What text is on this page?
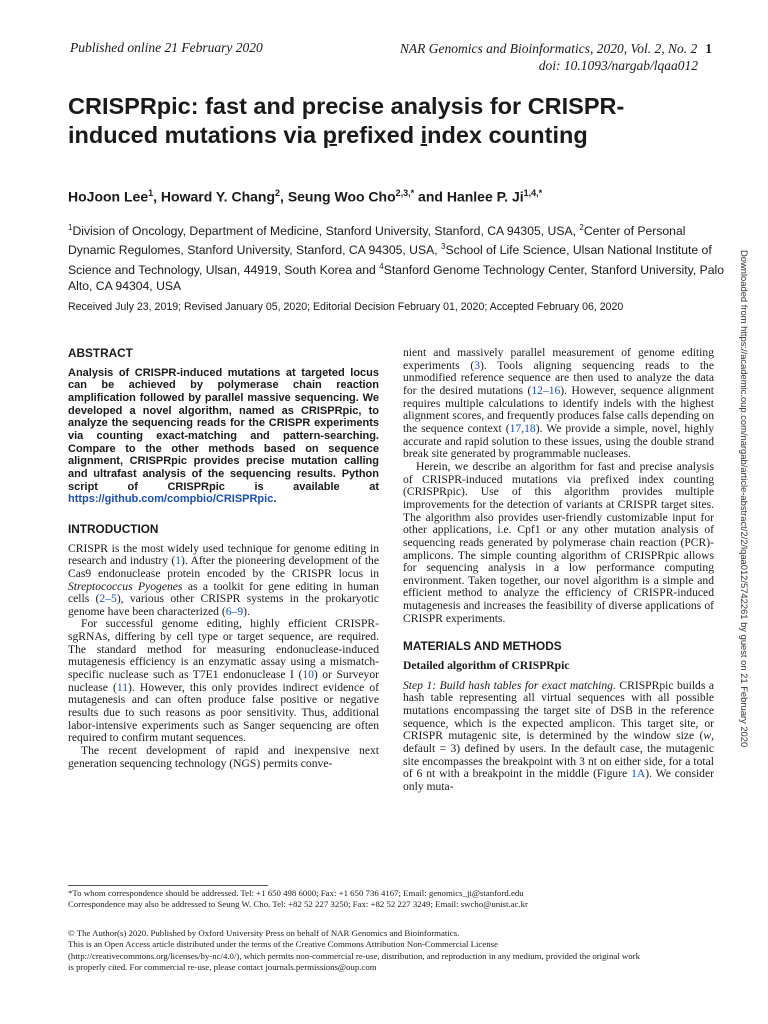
Published online 21 February 2020	NAR Genomics and Bioinformatics, 2020, Vol. 2, No. 2 1
doi: 10.1093/nargab/lqaa012
CRISPRpic: fast and precise analysis for CRISPR-induced mutations via prefixed index counting

HoJoon Lee$^1$, Howard Y. Chang$^2$, Seung Woo Cho$^{2,3,*}$ and Hanlee P. $Ji^{1,4,*}$

$^1$Division of Oncology, Department of Medicine, Stanford University, Stanford, CA 94305, USA, $^2$Center of Personal Dynamic Regulomes, Stanford University, Stanford, CA 94305, USA, $^3$School of Life Science, Ulsan National Institute of Science and Technology, Ulsan, 44919, South Korea and $^4$Stanford Genome Technology Center, Stanford University, Palo Alto, CA 94304, USA
Received July 23, 2019; Revised January 05, 2020; Editorial Decision February 01, 2020; Accepted February 06, 2020	Downloaded from https://academic.oup.com/nargab/article-abstract/2/2/lqaa012/5742261 by guest on 21 February 2020
ABSTRACT
Analysis of CRISPR-induced mutations at targeted locus can be achieved by polymerase chain reaction amplification followed by parallel massive sequencing. We developed a novel algorithm, named as CRISPRpic, to analyze the sequencing reads for the CRISPR experiments via counting exact-matching and pattern-searching. Compare to the other methods based on sequence alignment, CRISPRpic provides precise mutation calling and ultrafast analysis of the sequencing results. Python script of CRISPRpic is available at https://github.com/compbio/CRISPRpic.
INTRODUCTION

CRISPR is the most widely used technique for genome editing in research and industry (1). After the pioneering development of the Cas9 endonuclease protein encoded by the CRISPR locus in Streptococcus Pyogenes as a toolkit for gene editing in human cells (2–5), various other CRISPR systems in the prokaryotic genome have been characterized (6–9).

For successful genome editing, highly efficient CRISPR-sgRNAs, differing by cell type or target sequence, are required. The standard method for measuring endonuclease-induced mutagenesis efficiency is an enzymatic assay using a mismatch-specific nuclease such as T7E1 endonuclease I (10) or Surveyor nuclease (11). However, this only provides indirect evidence of mutagenesis and can often produce false positive or negative results due to such reasons as poor sensitivity. Thus, additional labor-intensive experiments such as Sanger sequencing are often required to confirm mutant sequences.

The recent development of rapid and inexpensive next generation sequencing technology (NGS) permits conve-

nient and massively parallel measurement of genome editing experiments (3). Tools aligning sequencing reads to the unmodified reference sequence are then used to analyze the data for the desired mutations (12–16). However, sequence alignment requires multiple calculations to identify indels with the highest alignment scores, and frequently produces false calls depending on the sequence context (17,18). We provide a simple, novel, highly accurate and rapid solution to these issues, using the double strand break site generated by programmable nucleases.

Herein, we describe an algorithm for fast and precise analysis of CRISPR-induced mutations via prefixed index counting (CRISPRpic). Use of this algorithm provides multiple improvements for the detection of variants at CRISPR target sites. The algorithm also provides user-friendly customizable input for other applications, i.e. Cpf1 or any other mutation analysis of sequencing reads generated by polymerase chain reaction (PCR)-amplicons. The simple counting algorithm of CRISPRpic allows for sequencing analysis in a low performance computing environment. Taken together, our novel algorithm is a simple and efficient method to analyze the efficiency of CRISPR-induced mutagenesis and increases the feasibility of diverse applications of CRISPR experiments.

MATERIALS AND METHODS
Detailed algorithm of CRISPRpic

Step 1: Build hash tables for exact matching. CRISPRpic builds a hash table representing all virtual sequences with all possible mutations encompassing the target site of DSB in the reference sequence, which is the expected amplicon. This target site, or CRISPR mutagenic site, is determined by the window size (w, default = 3) defined by users. In the default case, the mutagenic site encompasses the breakpoint with 3 nt on either side, for a total of 6 nt with a breakpoint in the middle (Figure 1A). We consider only muta-

*To whom correspondence should be addressed. Tel: +1 650 498 6000; Fax: +1 650 736 4167; Email: genomics_ji@stanford.edu
Correspondence may also be addressed to Seung W. Cho. Tel: +82 52 227 3250; Fax: +82 52 227 3249; Email: swcho@unist.ac.kr
© The Author(s) 2020. Published by Oxford University Press on behalf of NAR Genomics and Bioinformatics.
This is an Open Access article distributed under the terms of the Creative Commons Attribution Non-Commercial License
(http://creativecommons.org/licenses/by-nc/4.0/), which permits non-commercial re-use, distribution, and reproduction in any medium, provided the original work
is properly cited. For commercial re-use, please contact journals.permissions@oup.com
